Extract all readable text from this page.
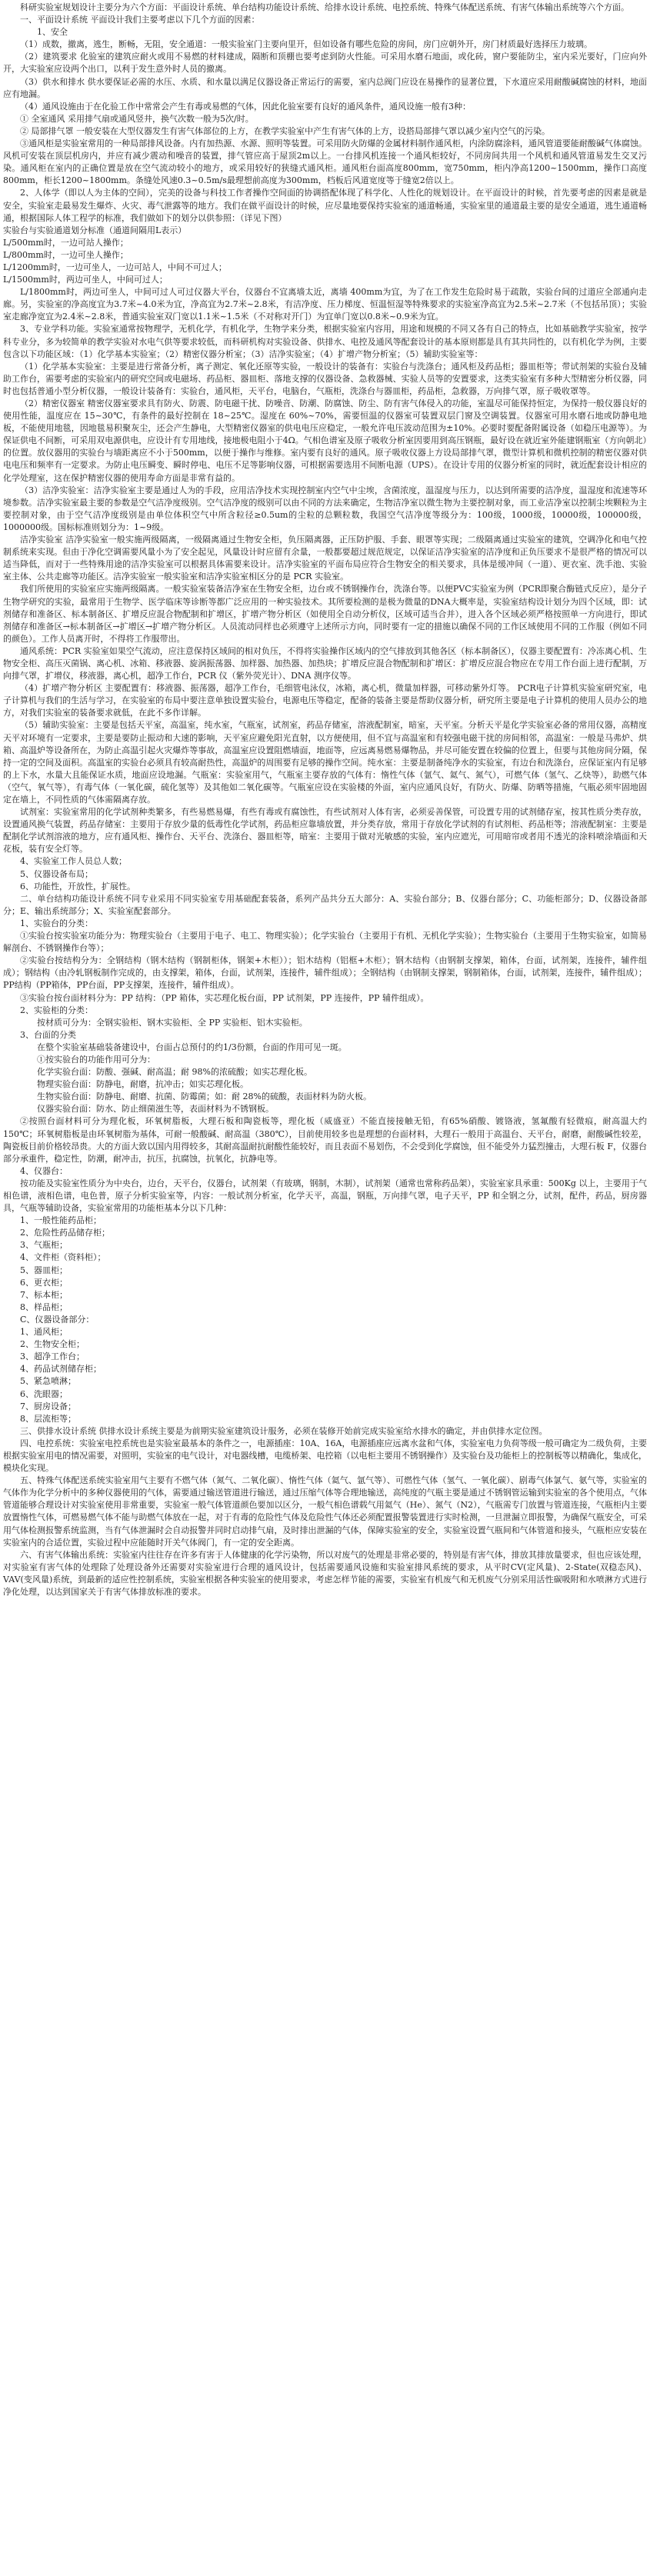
科研实验室规划设计主要分为六个方面：平面设计系统、单台结构功能设计系统、给排水设计系统、电控系统、特殊气体配送系统、有害气体输出系统等六个方面。

一、平面设计系统 平面设计我们主要考虑以下几个方面的因素：

1、安全

（1）成数，撤离，逃生，断畅，无阻，安全通道：一般实验室门主要向里开，但如设备有哪些危险的房间，房门应朝外开，房门材质最好选择压力玻璃。

（2）建筑要求 化验室的建筑应耐火或用不易燃的材料建成，隔断和顶棚也要考虑到防火性能。可采用水磨石地面，或化砖，窗户要能防尘，室内采光要好，门应向外开，大实验室应设两个出口，以利于发生意外时人员的撤离。

（3）供水和排水 供水要保证必需的水压、水质、和水量以满足仪器设备正常运行的需要，室内总阀门应设在易操作的显著位置，下水道应采用耐酸碱腐蚀的材料，地面应有地漏。

（4）通风设施由于在化验工作中常常会产生有毒或易燃的气体，因此化验室要有良好的通风条件，通风设施一般有3种：

① 全室通风 采用排气扇或通风竖井，换气次数一般为5次/时。

② 局部排气罩 一般安装在大型仪器发生有害气体部位的上方，在教学实验室中产生有害气体的上方，设搭局部排气罩以减少室内空气的污染。

③通风柜是实验室常用的一种局部排风设备。内有加热源、水源、照明等装置。可采用防火防爆的金属材料制作通风柜，内涂防腐涂料，通风管道要能耐酸碱气体腐蚀。风机可安装在顶层机房内，并应有减少震动和噪音的装置，排气管应高于屋顶2m以上。一台排风机连接一个通风柜较好，不同房间共用一个风机和通风管道易发生交叉污染。通风柜在室内的正确位置是放在空气流动较小的地方，或采用较好的狭缝式通风柜。通风柜台面高度800mm，宽750mm，柜内净高1200~1500mm，操作口高度800mm，柜长1200~1800mm。条缝处风速0.3~0.5m/s最理想前高度为300mm，档板后风道宽度等于缝宽2倍以上。

2、人体学（即以人为主体的空间），完美的设备与科技工作者操作空间面的协调搭配体现了科学化、人性化的规划设计。在平面设计的时候，首先要考虑的因素是就是安全，实验室走最易发生爆炸、火灾、毒气泄露等的地方。我们在做平面设计的时候，应尽量地要保持实验室的通道畅通，实验室里的通道最主要的是安全通道，逃生通道畅通，根据国际人体工程学的标准，我们做如下的划分以供参照：（详见下图）

实验台与实验通道划分标准（通道间隔用L表示）

L/500mm时，一边可站人操作；

L/800mm时，一边可坐人操作；

L/1200mm时，一边可坐人，一边可站人，中间不可过人；

L/1500mm时，两边可坐人，中间可过人；

L/1800mm时，两边可坐人，中间可过人可过仪器大平台，仪器台不宜离墙太近，离墙 400mm为宜，为了在工作发生危险时易于疏散，实验台间的过道应全部通向走廊。另，实验室的净高度宜为3.7米~4.0米为宜，净高宜为2.7米~2.8米，有洁净度、压力梯度、恒温恒湿等特殊要求的实验室净高宜为2.5米~2.7米（不包括吊顶）；实验室走廊净宽宜为2.4米~2.8米，普通实验室双门宽以1.1米~1.5米（不对称对开门）为宜单门宽以0.8米~0.9米为宜。

3、专业学科功能。实验室通常按物理学，无机化学，有机化学，生物学来分类，根据实验室内容用，用途和规模的不同又各有自己的特点，比如基础教学实验室，按学科专业分，多为较简单的教学实验对水电气供等要求较低，而科研机构对实验设备、供排水、电控及通风等配套设计的基本原则都是具有其共同性的，以有机化学为例，主要包含以下功能区域：（1）化学基本实验室；（2）精密仪器分析室；（3）洁净实验室；（4）扩增产物分析室；（5）辅助实验室等：

（1）化学基本实验室：主要是进行常备分析，离子测定、氧化还原等实验，一般设计的装备有：实验台与洗涤台；通风柜及药品柜；器皿柜等；带试剂架的实验台及辅助工作台，需要考虑的实验室内的研究空间或电磁场、药品柜、器皿柜、落地支撑的仪器设备、急救器械、实验人员等的安置要求，这类实验室有多种大型精密分析仪器，同时也包括普通小型分析仪器，一般设计装备有：实验台，通风柜，天平台，电脑台，气瓶柜，洗涤台与器皿柜，药品柜，急救器，万向排气罩，原子吸收罩等。

（2）精密仪器室 精密仪器室要求具有防火、防震、防电磁干扰、防噪音、防潮、防腐蚀、防尘、防有害气体侵入的功能，室温尽可能保持恒定，为保持一般仪器良好的使用性能，温度应在 15~30℃，有条件的最好控制在 18~25℃。湿度在 60%~70%，需要恒温的仪器室可装置双层门窗及空调装置。仪器室可用水磨石地或防静电地板，不能使用地毯，因地毯易积聚灰尘，还会产生静电，大型精密仪器室的供电电压应稳定，一般允许电压波动范围为±10%。必要时要配备附属设备（如稳压电源等）。为保证供电不间断，可采用双电源供电，应设计有专用地线，接地极电阻小于4Ω。气相色谱室及原子吸收分析室因要用到高压钢瓶，最好设在就近室外能建钢瓶室（方向朝北）的位置。放仪器用的实验台与墙距离应不小于500mm，以便于操作与维修。室内要有良好的通风。原子吸收仪器上方设局部排气罩，微型计算机和微机控制的精密仪器对供电电压和频率有一定要求。为防止电压瞬变、瞬时停电、电压不足等影响仪器，可根据需要选用不间断电源（UPS）。在设计专用的仪器分析室的同时，就近配套设计相应的化学处理室，这在保护精密仪器的使用寿命方面是非常有益的。

（3）洁净实验室：洁净实验室主要是通过人为的手段，应用洁净技术实现控制室内空气中尘埃，含菌浓度，温湿度与压力，以达到所需要的洁净度，温湿度和流速等环境参数。洁净实验室最主要的参数是空气洁净度级别。空气洁净度的级别可以由不同的方法来确定，生物洁净室以微生物为主要控制对象，而工业洁净室以控制尘埃颗粒为主要控制对象，由于空气洁净度级别是由单位体积空气中所含粒径≥0.5um的尘粒的总颗粒数，我国空气洁净度等级分为：100级，1000级，10000级，100000级，1000000级。国标标准则划分为：1~9级。

洁净实验室 洁净实验室一般实施两级隔离，一级隔离通过生物安全柜，负压隔离器，正压防护服、手套、眼罩等实现；二级隔离通过实验室的建筑，空调净化和电气控制系统来实现。但由于净化空调需要风量小为了安全起见，风量设计时应留有余量，一般都要超过规范规定，以保证洁净实验室的洁净度和正负压要求不是很严格的情况可以适当降低，而对于一些特殊用途的洁净实验室可以根据具体需要来设计。洁净实验室的平面布局应符合生物安全的相关要求，具体是缓冲间（一道）、更衣室、洗手池、实验室主体、公共走廊等功能区。洁净实验室一般实验室和洁净实验室相区分的是 PCR 实验室。

我们所使用的实验室应实施两级隔离。一般实验室装备洁净室在生物安全柜，边台或不锈钢操作台，洗涤台等。以便PVC实验室为例（PCR即聚合酶链式反应），是分子生物学研究的实验，最常用于生物学、医学临床等诊断等都广泛应用的一种实验技术。其所要检测的是极为微量的DNA大概率是，实验室结构设计划分为四个区域，即：试剂储存和准备区、标本制备区、扩增反应混合物配制和扩增区，扩增产物分析区（如使用全自动分析仪，区域可适当合并），进入各个区域必须严格按照单一方向进行，即试剂储存和准备区→标本制备区→扩增区→扩增产物分析区。人员流动同样也必须遵守上述所示方向，同时要有一定的措施以确保不同的工作区域使用不同的工作服（例如不同的颜色）。工作人员离开时，不得将工作服带出。

通风系统：PCR 实验室如果空气流动，应注意保持区域间的相对负压，不得将实验操作区域内的空气排放到其他各区（标本制备区），仪器主要配置有：冷冻离心机、生物安全柜、高压灭菌锅、离心机、冰箱、移液器、旋涡振荡器、加样器、加热器、加热块；扩增反应混合物配制和扩增区：扩增反应混合物应在专用工作台面上进行配制，万向排气罩，扩增仪，移液器，离心机，超净工作台，PCR 仪（紫外荧光计）、DNA 测序仪等。

（4）扩增产物分析区 主要配置有：移液器、振荡器，超净工作台，毛细管电泳仪，冰箱，离心机，微量加样器，可移动紫外灯等。 PCR电子计算机实验室研究室，电子计算机与我们的生活与学习，在实验室的布局中要注意单独设置实验台，电源电压等稳定，配备的装备主要是帮助仪器分析，研究所主要是电子计算机的使用人员办公的地方，对我们实验室的装备要求就低，在此不多作详解。

（5）辅助实验室：主要是包括天平室，高温室，纯水室，气瓶室，试剂室，药品存储室，溶液配制室，暗室，天平室。分析天平是化学实验室必备的常用仪器，高精度天平对环境有一定要求，主要是要防止振动和大速的影响，天平室应避免阳光直射，以方便使用，但不宜与高温室和有较强电磁干扰的房间相邻，高温室：一般是马弗炉、烘箱、高温炉等设备所在，为防止高温引起火灾爆炸等事故，高温室应设置阻燃墙面，地面等，应远离易燃易爆物品，并尽可能安置在较偏的位置上，但要与其他房间分隔，保持一定的空间及面积。高温室的实验台必须具有较高耐热性，高温炉的周围要有足够的操作空间。纯水室：主要是制备纯净水的实验室，有边台和洗涤台，应保证室内有足够的上下水，水量大且能保证水质，地面应设地漏。气瓶室：实验室用气，气瓶室主要存放的气体有：惰性气体（氩气、氦气、氮气），可燃气体（氢气、乙炔等），助燃气体（空气，氧气等），有毒气体（一氧化碳，硫化氢等）及其他如二氧化碳等。气瓶室应设在实验楼的外面，室内应通风良好，有防火、防爆、防晒等措施，气瓶必须牢固地固定在墙上，不同性质的气体需隔离存放。

试剂室：实验室常用的化学试剂种类繁多，有些易燃易爆，有些有毒或有腐蚀性，有些试剂对人体有害，必须妥善保管，可设置专用的试剂储存室，按其性质分类存放，设置通风换气装置，药品存储室：主要用于存放少量的低毒性化学试剂，药品柜应靠墙放置，并分类存放，常用于存放化学试剂的有试剂柜、药品柜等；溶液配制室：主要是配制化学试剂溶液的地方，应有通风柜、操作台、天平台、洗涤台、器皿柜等，暗室：主要用于做对光敏感的实验，室内应遮光，可用暗帘或者用不透光的涂料喷涂墙面和天花板，装有安全灯等。

4、实验室工作人员总人数；

5、仪器设备布局；

6、功能性，开放性，扩展性。

二、单台结构功能设计系统不同专业采用不同实验室专用基础配套装备，系列产品共分五大部分：A、实验台部分；B、仪器台部分；C、功能柜部分；D、仪器设备部分；E、输出系统部分；X、实验室配套部分。

1、实验台的分类：

①实验台按实验室功能分为：物理实验台（主要用于电子、电工、物理实验）；化学实验台（主要用于有机、无机化学实验）；生物实验台（主要用于生物实验室，如简易解剖台、不锈钢操作台等）；

②实验台按结构分为：全钢结构（钢木结构（钢制柜体，钢架+木柜））；铝木结构（铝框+木柜）；钢木结构（由钢制支撑架，箱体，台面，试剂架，连接件，辅件组成）；钢结构（由冷轧钢板制作完成的，由支撑架，箱体，台面，试剂架，连接件，辅件组成）；全钢结构（由钢制支撑架，钢制箱体，台面，试剂架，连接件，辅件组成）；PP结构（PP箱体，PP台面，PP支撑架，连接件，辅件组成）。

③实验台按台面材料分为：PP 结构：（PP 箱体，实芯理化板台面，PP 试剂架，PP 连接件，PP 辅件组成）。

2、实验柜的分类：

按材质可分为：全钢实验柜、钢木实验柜、全 PP 实验柜、铝木实验柜。

3、台面的分类

在整个实验室基础装备建设中，台面占总预付的约1/3份额，台面的作用可见一斑。

①按实验台的功能作用可分为：

化学实验台面：防酸、强碱、耐高温；耐 98%的浓硫酸；如实芯理化板。

物理实验台面：防静电，耐磨，抗冲击；如实芯理化板。

生物实验台面：防静电、耐磨、抗菌、防霉菌；如：耐 28%的硫酸，表面材料为防火板。

仪器实验台面：防水、防止细菌滋生等，表面材料为不锈钢板。

②按照台面材料可分为理化板，环氧树脂板，大理石板和陶瓷板等，理化板（威盛亚）不能直接接触无铅，有65%硝酸、镀铬液，氢氟酸有轻微痕，耐高温大约150℃；环氧树脂板是由环氧树脂为基体，可耐一般酸碱、耐高温（380℃），目前使用较多也是理想的台面材料，大理石一般用于高温台、天平台，耐磨，耐酸碱性较差，陶瓷板目前价格较昂贵。大的方面大致以国内用得较多，其耐高温耐抗耐酸性能较好，而且表面不易划伤，不会受到化学腐蚀，但不能受外力猛烈撞击，大理石板 F，仪器台部分承重件，稳定性，防潮，耐冲击，抗压，抗腐蚀，抗氧化，抗静电等。

4、仪器台：

按功能及实验室性质分为中央台，边台，天平台，仪器台，试剂架（有玻璃，钢制，木制），试剂架（通常也常称药品架），实验室家具承重：500Kg 以上，主要用于气相色谱，液相色谱，电色普，原子分析实验室等，内容：一般试剂分析室，化学天平，高温，钢瓶，万向排气罩，电子天平，PP 和全钢之分，试剂，配件，药品，厨房器具，气瓶等辅助设备，实验室常用的功能柜基本分以下几种：

1、一般性能药品柜；

2、危险性药品储存柜；

3、气瓶柜；

4、文件柜（资料柜）；

5、器皿柜；

6、更衣柜；

7、标本柜；

8、样品柜；

C、仪器设备部分：

1、通风柜；

2、生物安全柜；

3、超净工作台；

4、药品试剂储存柜；

5、紧急喷淋；

6、洗眼器；

7、厨房设备；

8、层流柜等；

三、供排水设计系统 供排水设计系统主要是为前期实验室建筑设计服务，必须在装修开始前完成实验室给水排水的确定，并由供排水定位图。

四、电控系统：实验室电控系统也是实验室最基本的条件之一，电源插座：10A、16A，电源插座应远离水盆和气体，实验室电力负荷等级一般可确定为二级负荷，主要根据实验室用电的情况需要，对照明，实验室的电气设计，对电器线槽，电缆桥架、电控箱（以电柜主要用不锈钢操作）及实验台及功能柜上的控制板等以精确化，集成化，模块化实现。

五、特殊气体配送系统实验室用气主要有不燃气体（氮气、二氧化碳）、惰性气体（氦气、氩气等）、可燃性气体（氢气、一氧化碳）、剧毒气体氯气、氨气等，实验室的气体作为化学分析中的多种仪器使用的气体，需要通过输送管道进行输送，通过压缩气体等合理地输送，高纯度的气瓶主要是通过不锈钢管运输到实验室的各个使用点，气体管道能够合理设计对实验室使用非常重要，实验室一般气体管道颜色要加以区分，一般气相色谱载气用氦气（He）、氮气（N2），气瓶需专门放置与管道连接，气瓶柜内主要放置惰性气体，可燃易燃气体不能与助燃气体放在一起，对于有毒的危险性气体及危险性气体还必须配置报警装置进行实时检测，一旦泄漏立即报警，为确保气瓶安全，可采用气体检测报警系统监测，当有气体泄漏时会自动报警并同时启动排气扇，及时排出泄漏的气体，保障实验室的安全，实验室设置气瓶间和气体管道和接头，气瓶柜应安装在实验室内的合适位置，实验过程中应能随时开关气体阀门，有一定的安全距离。

六、有害气体输出系统：实验室内往往存在许多有害于人体健康的化学污染物，所以对废气的处理是非常必要的，特别是有害气体，排放其排放量要求，但也应该处理，对实验室有害气体的处理除了处理设备外还需要对实验室进行合理的通风设计，包括需要通风设施和实验室排风系统的要求，从平时CV(定风量)、2-State(双稳态风)、VAV(变风量)系统，到最新的适应性控制系统，实验室根据各种实验室的使用要求，考虑怎样节能的需要，实验室有机废气和无机废气分别采用活性碳吸附和水喷淋方式进行净化处理，以达到国家关于有害气体排放标准的要求。
